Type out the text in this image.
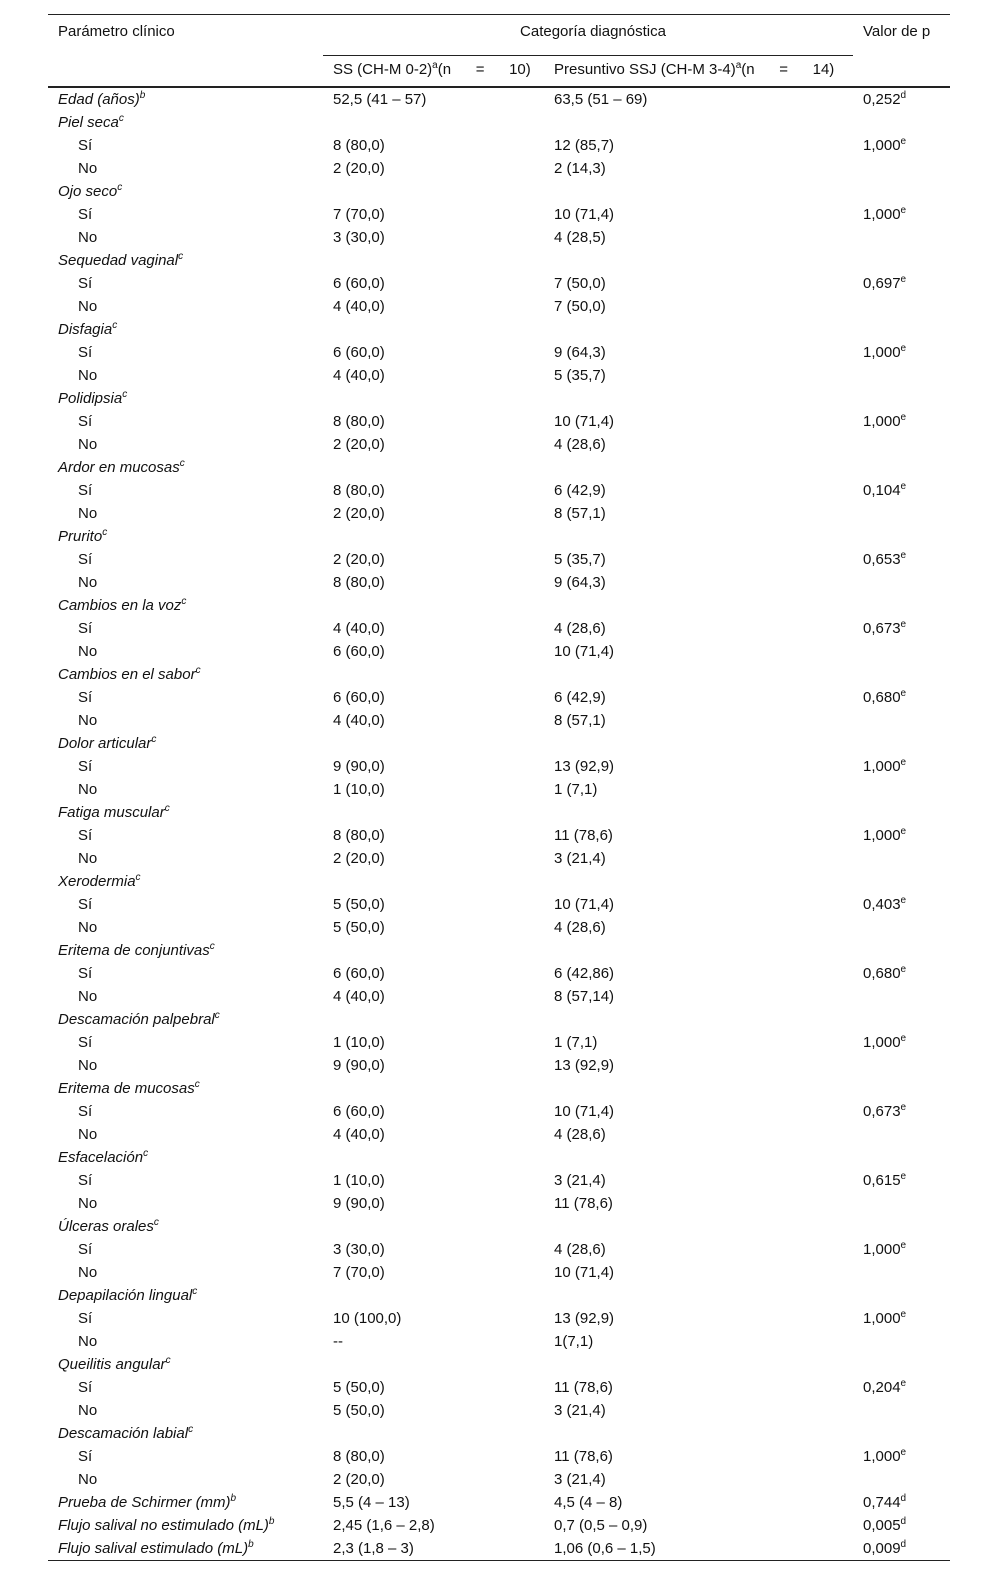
Parámetro clínico	Categoría diagnóstica		Valor de p
	SS (CH-M 0-2)$^a$(n = 10)	Presuntivo SSJ (CH-M 3-4)$^a$(n = 14)	
Edad (años)$^b$	52,5 (41 – 57)	63,5 (51 – 69)	0,252$^d$
Piel seca$^c$			
Sí	8 (80,0)	12 (85,7)	1,000e
No	2 (20,0)	2 (14,3)	
Ojo seco$^c$			
Sí	7 (70,0)	10 (71,4)	1,000e
No	3 (30,0)	4 (28,5)	
Sequedad vaginal$^c$			
Sí	6 (60,0)	7 (50,0)	0,697e
No	4 (40,0)	7 (50,0)	
Disfagia$^c$			
Sí	6 (60,0)	9 (64,3)	1,000e
No	4 (40,0)	5 (35,7)	
Polidipsia$^c$			
Sí	8 (80,0)	10 (71,4)	1,000e
No	2 (20,0)	4 (28,6)	
Ardor en mucosas$^c$			
Sí	8 (80,0)	6 (42,9)	0,104e
No	2 (20,0)	8 (57,1)	
Prurito$^c$			
Sí	2 (20,0)	5 (35,7)	0,653e
No	8 (80,0)	9 (64,3)	
Cambios en la voz$^c$			
Sí	4 (40,0)	4 (28,6)	0,673e
No	6 (60,0)	10 (71,4)	
Cambios en el sabor$^c$			
Sí	6 (60,0)	6 (42,9)	0,680e
No	4 (40,0)	8 (57,1)	
Dolor articular$^c$			
Sí	9 (90,0)	13 (92,9)	1,000e
No	1 (10,0)	1 (7,1)	
Fatiga muscular$^c$			
Sí	8 (80,0)	11 (78,6)	1,000e
No	2 (20,0)	3 (21,4)	
Xerodermia$^c$			
Sí	5 (50,0)	10 (71,4)	0,403e
No	5 (50,0)	4 (28,6)	
Eritema de conjuntivas$^c$			
Sí	6 (60,0)	6 (42,86)	0,680e
No	4 (40,0)	8 (57,14)	
Descamación palpebral$^c$			
Sí	1 (10,0)	1 (7,1)	1,000e
No	9 (90,0)	13 (92,9)	
Eritema de mucosas$^c$			
Sí	6 (60,0)	10 (71,4)	0,673e
No	4 (40,0)	4 (28,6)	
Esfacelación$^c$			
Sí	1 (10,0)	3 (21,4)	0,615e
No	9 (90,0)	11 (78,6)	
Úlceras orales$^c$			
Sí	3 (30,0)	4 (28,6)	1,000e
No	7 (70,0)	10 (71,4)	
Depapilación lingual$^c$			
Sí	10 (100,0)	13 (92,9)	1,000e
No	--	1(7,1)	
Queilitis angular$^c$			
Sí	5 (50,0)	11 (78,6)	0,204e
No	5 (50,0)	3 (21,4)	
Descamación labial$^c$			
Sí	8 (80,0)	11 (78,6)	1,000e
No	2 (20,0)	3 (21,4)	
Prueba de Schirmer (mm)$^b$	5,5 (4 – 13)	4,5 (4 – 8)	0,744$^d$
Flujo salival no estimulado (mL)$^b$	2,45 (1,6 – 2,8)	0,7 (0,5 – 0,9)	0,005$^d$
Flujo salival estimulado (mL)$^b$	2,3 (1,8 – 3)	1,06 (0,6 – 1,5)	0,009$^d$
